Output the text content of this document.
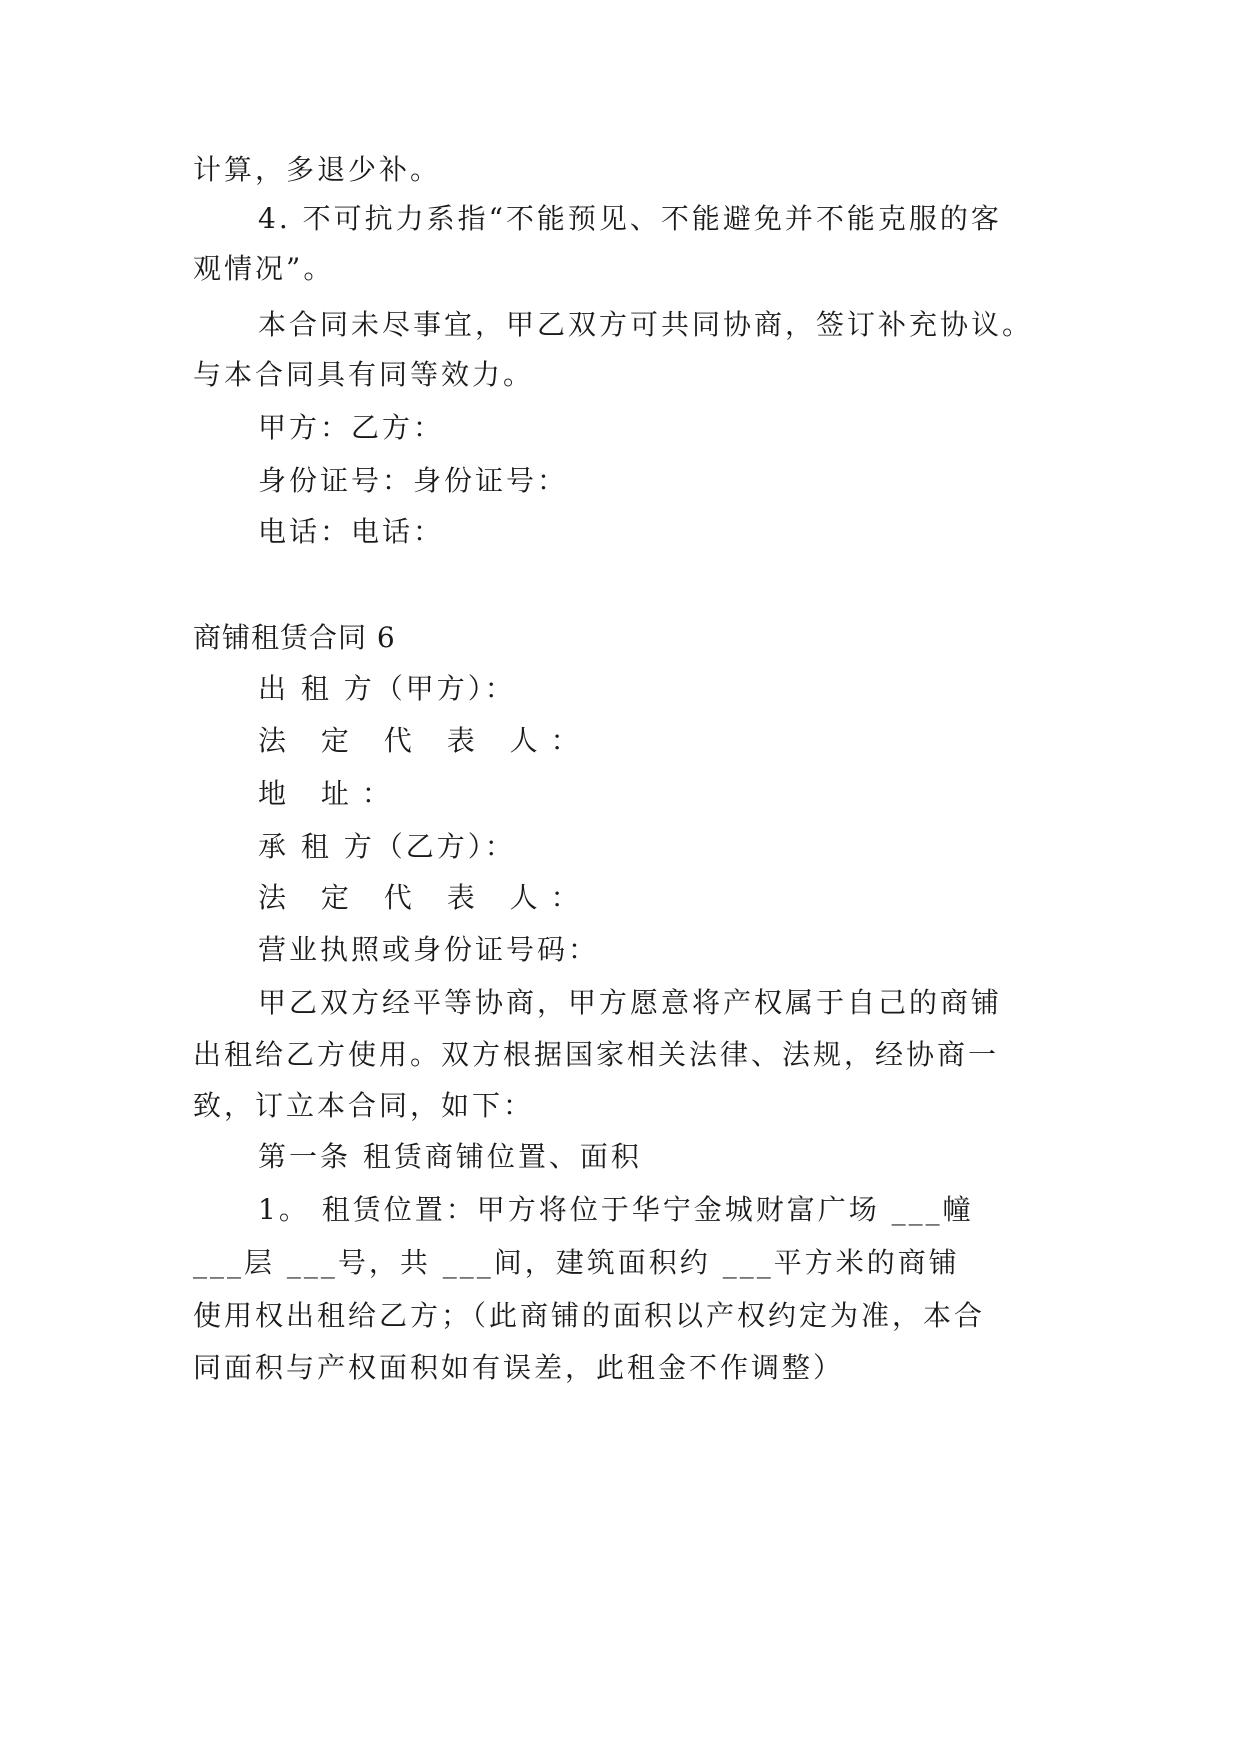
计算，多退少补。
4. 不可抗力系指“不能预见、不能避免并不能克服的客
观情况”。
本合同未尽事宜，甲乙双方可共同协商，签订补充协议。
与本合同具有同等效力。
甲方：乙方：
身份证号：身份证号：
电话：电话：
商铺租赁合同 6
出 租 方（甲方）：
法 定 代 表 人：
地 址：
承 租 方（乙方）：
法 定 代 表 人：
营业执照或身份证号码：
甲乙双方经平等协商，甲方愿意将产权属于自己的商铺
出租给乙方使用。双方根据国家相关法律、法规，经协商一
致，订立本合同，如下：
第一条 租赁商铺位置、面积
1。 租赁位置：甲方将位于华宁金城财富广场 ___幢
___层 ___号，共 ___间，建筑面积约 ___平方米的商铺
使用权出租给乙方；（此商铺的面积以产权约定为准，本合
同面积与产权面积如有误差，此租金不作调整）
